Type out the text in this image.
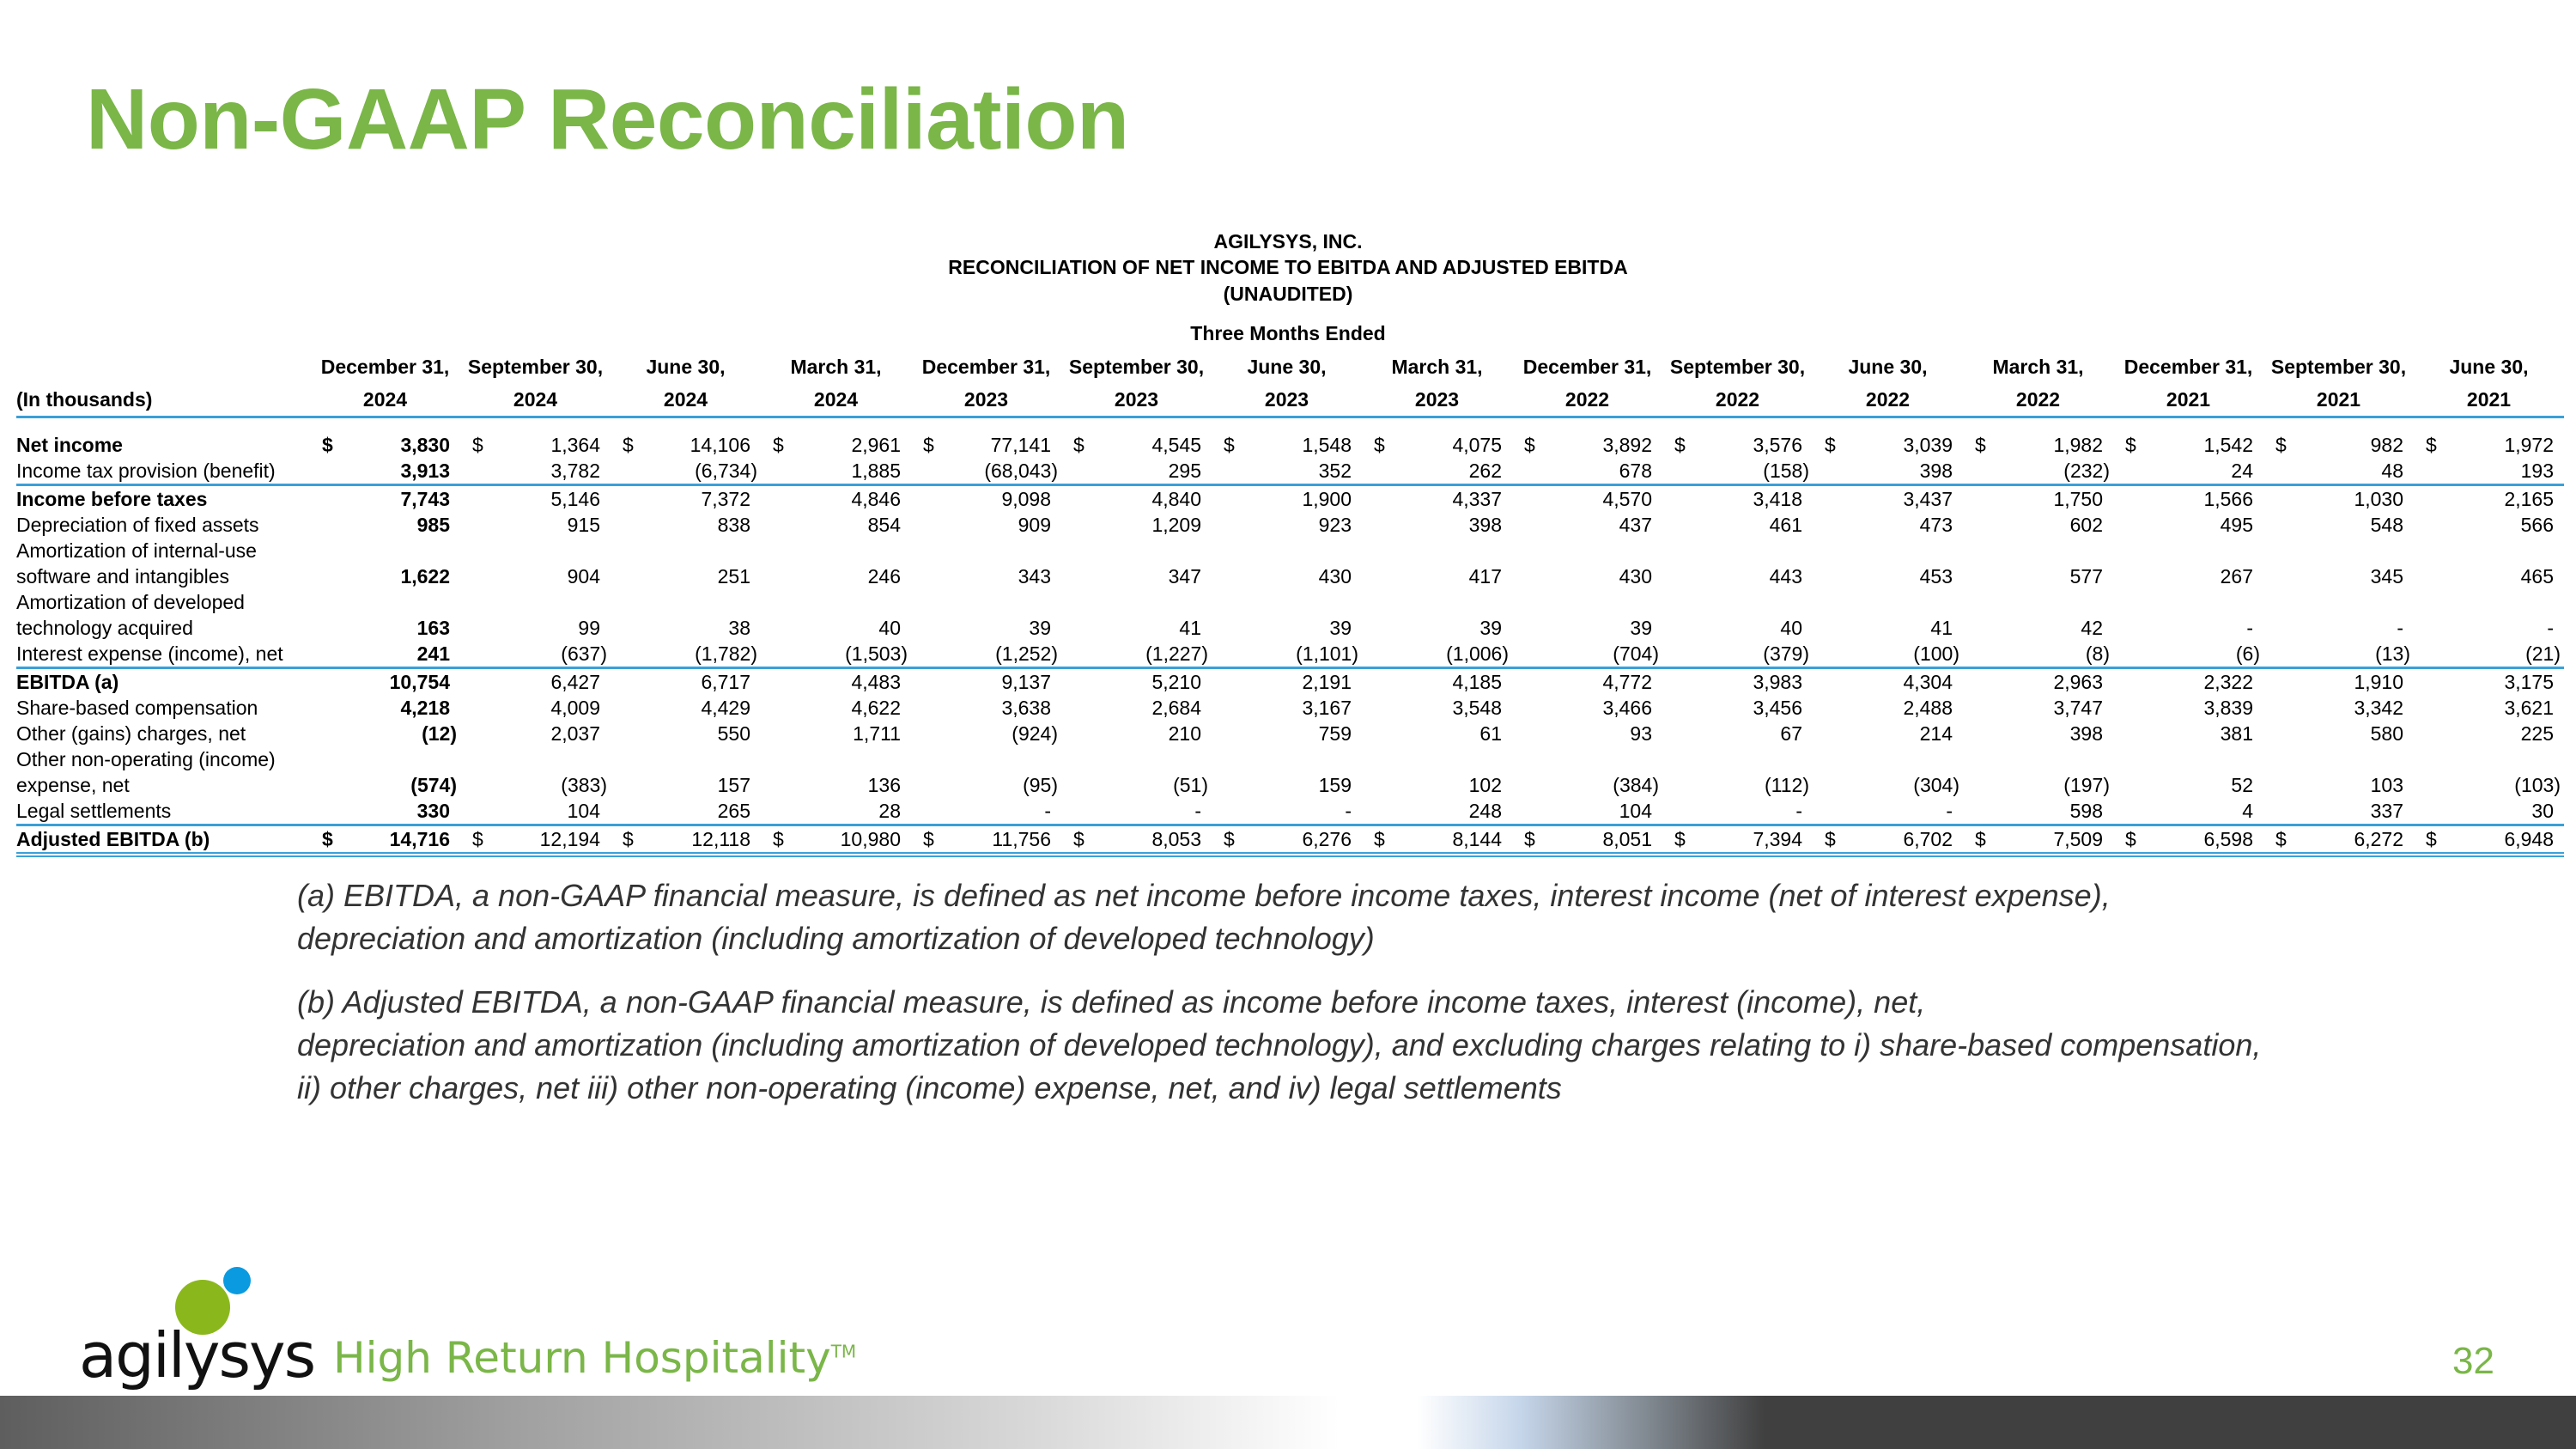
Non-GAAP Reconciliation
AGILYSYS, INC.
RECONCILIATION OF NET INCOME TO EBITDA AND ADJUSTED EBITDA
(UNAUDITED)
Three Months Ended
	December 31,	September 30,	June 30,	March 31,	December 31,	September 30,	June 30,	March 31,	December 31,	September 30,	June 30,	March 31,	December 31,	September 30,	June 30,
(In thousands)	2024	2024	2024	2024	2023	2023	2023	2023	2022	2022	2022	2022	2021	2021	2021

Net income	$ 3,830	$ 1,364	$ 14,106	$ 2,961	$ 77,141	$ 4,545	$ 1,548	$ 4,075	$ 3,892	$ 3,576	$ 3,039	$ 1,982	$ 1,542	$ 982	$ 1,972
Income tax provision (benefit)	3,913	3,782	(6,734)	1,885	(68,043)	295	352	262	678	(158)	398	(232)	24	48	193
Income before taxes	7,743	5,146	7,372	4,846	9,098	4,840	1,900	4,337	4,570	3,418	3,437	1,750	1,566	1,030	2,165
Depreciation of fixed assets	985	915	838	854	909	1,209	923	398	437	461	473	602	495	548	566
Amortization of internal-use software and intangibles	1,622	904	251	246	343	347	430	417	430	443	453	577	267	345	465
Amortization of developed technology acquired	163	99	38	40	39	41	39	39	39	40	41	42	-	-	-
Interest expense (income), net	241	(637)	(1,782)	(1,503)	(1,252)	(1,227)	(1,101)	(1,006)	(704)	(379)	(100)	(8)	(6)	(13)	(21)
EBITDA (a)	10,754	6,427	6,717	4,483	9,137	5,210	2,191	4,185	4,772	3,983	4,304	2,963	2,322	1,910	3,175
Share-based compensation	4,218	4,009	4,429	4,622	3,638	2,684	3,167	3,548	3,466	3,456	2,488	3,747	3,839	3,342	3,621
Other (gains) charges, net	(12)	2,037	550	1,711	(924)	210	759	61	93	67	214	398	381	580	225
Other non-operating (income) expense, net	(574)	(383)	157	136	(95)	(51)	159	102	(384)	(112)	(304)	(197)	52	103	(103)
Legal settlements	330	104	265	28	-	-	-	248	104	-	-	598	4	337	30
Adjusted EBITDA (b)	$ 14,716	$ 12,194	$ 12,118	$ 10,980	$ 11,756	$ 8,053	$ 6,276	$ 8,144	$ 8,051	$ 7,394	$ 6,702	$ 7,509	$ 6,598	$ 6,272	$ 6,948
(a) EBITDA, a non-GAAP financial measure, is defined as net income before income taxes, interest income (net of interest expense),
depreciation and amortization (including amortization of developed technology)
(b) Adjusted EBITDA, a non-GAAP financial measure, is defined as income before income taxes, interest (income), net,
depreciation and amortization (including amortization of developed technology), and excluding charges relating to i) share-based compensation,
ii) other charges, net iii) other non-operating (income) expense, net, and iv) legal settlements
agilysys High Return Hospitality™	32
